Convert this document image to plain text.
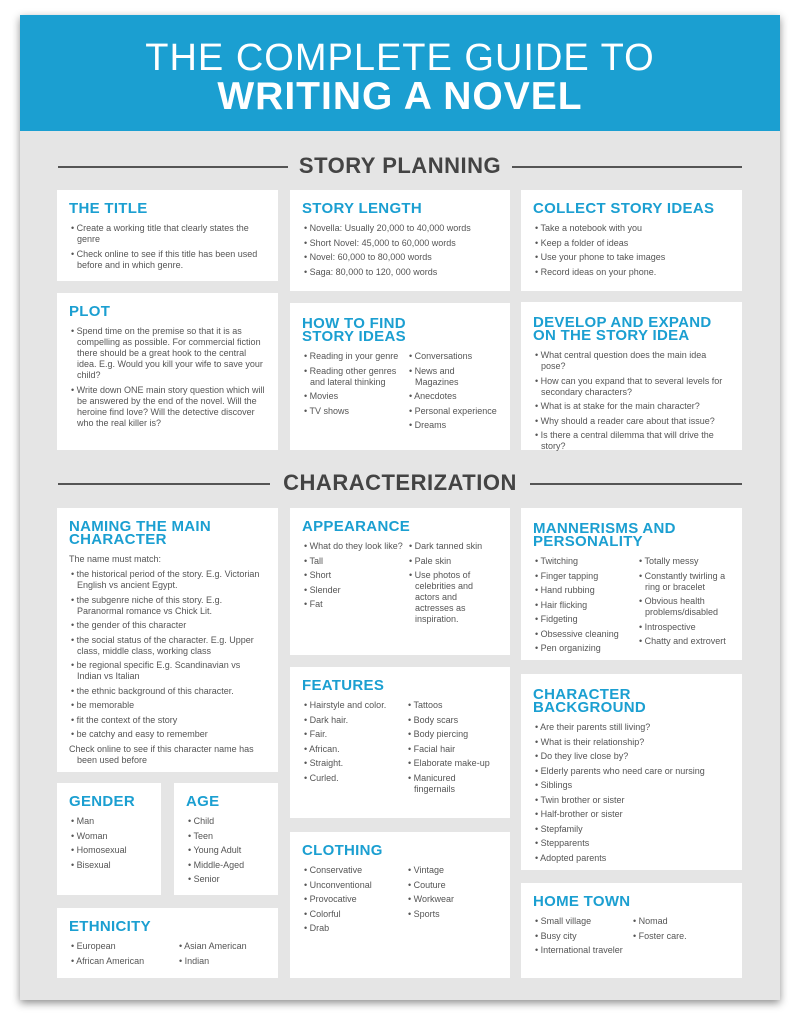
THE COMPLETE GUIDE TO
WRITING A NOVEL
STORY PLANNING
CHARACTERIZATION
THE TITLE
• Create a working title that clearly states the genre
• Check online to see if this title has been used before and in which genre.
STORY LENGTH
• Novella: Usually 20,000 to 40,000 words
• Short Novel: 45,000 to 60,000 words
• Novel: 60,000 to 80,000 words
• Saga: 80,000 to 120, 000 words
COLLECT STORY IDEAS
• Take a notebook with you
• Keep a folder of ideas
• Use your phone to take images
• Record ideas on your phone.
PLOT
• Spend time on the premise so that it is as compelling as possible. For commercial fiction there should be a great hook to the central idea. E.g. Would you kill your wife to save your child?
• Write down ONE main story question which will be answered by the end of the novel. Will the heroine find love? Will the detective discover who the real killer is?
HOW TO FIND
STORY IDEAS
• Reading in your genre
• Reading other genres and lateral thinking
• Movies
• TV shows
• Conversations
• News and Magazines
• Anecdotes
• Personal experience
• Dreams
DEVELOP AND EXPAND
ON THE STORY IDEA
• What central question does the main idea pose?
• How can you expand that to several levels for secondary characters?
• What is at stake for the main character?
• Why should a reader care about that issue?
• Is there a central dilemma that will drive the story?
NAMING THE MAIN
CHARACTER
The name must match:
• the historical period of the story. E.g. Victorian English vs ancient Egypt.
• the subgenre niche of this story. E.g. Paranormal romance vs Chick Lit.
• the gender of this character
• the social status of the character. E.g. Upper class, middle class, working class
• be regional specific E.g. Scandinavian vs Indian vs Italian
• the ethnic background of this character.
• be memorable
• fit the context of the story
• be catchy and easy to remember
Check online to see if this character name has been used before
APPEARANCE
• What do they look like?
• Tall
• Short
• Slender
• Fat
• Dark tanned skin
• Pale skin
• Use photos of celebrities and actors and actresses as inspiration.
MANNERISMS AND
PERSONALITY
• Twitching
• Finger tapping
• Hand rubbing
• Hair flicking
• Fidgeting
• Obsessive cleaning
• Pen organizing
• Totally messy
• Constantly twirling a ring or bracelet
• Obvious health problems/disabled
• Introspective
• Chatty and extrovert
FEATURES
• Hairstyle and color.
• Dark hair.
• Fair.
• African.
• Straight.
• Curled.
• Tattoos
• Body scars
• Body piercing
• Facial hair
• Elaborate make-up
• Manicured fingernails
CHARACTER
BACKGROUND
• Are their parents still living?
• What is their relationship?
• Do they live close by?
• Elderly parents who need care or nursing
• Siblings
• Twin brother or sister
• Half-brother or sister
• Stepfamily
• Stepparents
• Adopted parents
GENDER
• Man
• Woman
• Homosexual
• Bisexual
AGE
• Child
• Teen
• Young Adult
• Middle-Aged
• Senior
ETHNICITY
• European
• African American
• Asian American
• Indian
CLOTHING
• Conservative
• Unconventional
• Provocative
• Colorful
• Drab
• Vintage
• Couture
• Workwear
• Sports
HOME TOWN
• Small village
• Busy city
• International traveler
• Nomad
• Foster care.
